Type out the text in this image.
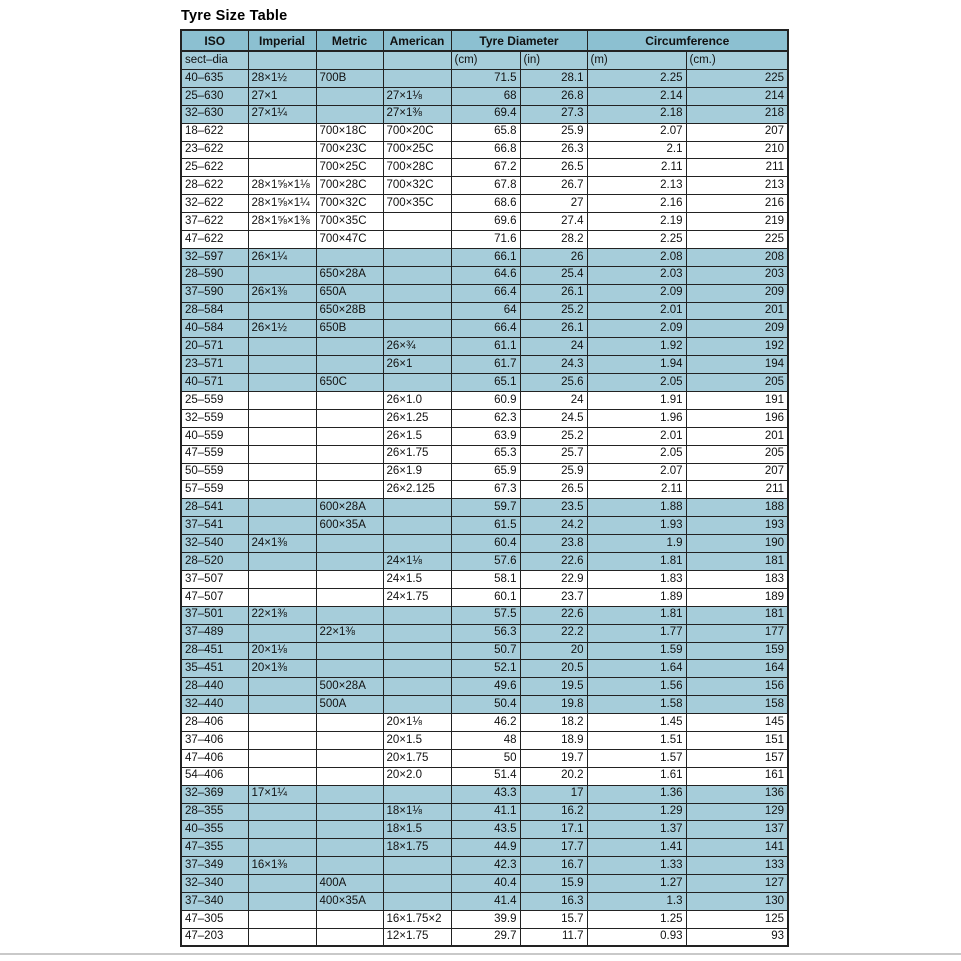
Tyre Size Table
ISO	Imperial	Metric	American	Tyre Diameter		Circumference	
sect–dia				(cm)	(in)	(m)	(cm.)
40–635	28×1½	700B		71.5	28.1	2.25	225
25–630	27×1		27×1⅛	68	26.8	2.14	214
32–630	27×1¼		27×1⅜	69.4	27.3	2.18	218
18–622		700×18C	700×20C	65.8	25.9	2.07	207
23–622		700×23C	700×25C	66.8	26.3	2.1	210
25–622		700×25C	700×28C	67.2	26.5	2.11	211
28–622	28×1⅝×1⅛	700×28C	700×32C	67.8	26.7	2.13	213
32–622	28×1⅝×1¼	700×32C	700×35C	68.6	27	2.16	216
37–622	28×1⅝×1⅜	700×35C		69.6	27.4	2.19	219
47–622		700×47C		71.6	28.2	2.25	225
32–597	26×1¼			66.1	26	2.08	208
28–590		650×28A		64.6	25.4	2.03	203
37–590	26×1⅜	650A		66.4	26.1	2.09	209
28–584		650×28B		64	25.2	2.01	201
40–584	26×1½	650B		66.4	26.1	2.09	209
20–571			26×¾	61.1	24	1.92	192
23–571			26×1	61.7	24.3	1.94	194
40–571		650C		65.1	25.6	2.05	205
25–559			26×1.0	60.9	24	1.91	191
32–559			26×1.25	62.3	24.5	1.96	196
40–559			26×1.5	63.9	25.2	2.01	201
47–559			26×1.75	65.3	25.7	2.05	205
50–559			26×1.9	65.9	25.9	2.07	207
57–559			26×2.125	67.3	26.5	2.11	211
28–541		600×28A		59.7	23.5	1.88	188
37–541		600×35A		61.5	24.2	1.93	193
32–540	24×1⅜			60.4	23.8	1.9	190
28–520			24×1⅛	57.6	22.6	1.81	181
37–507			24×1.5	58.1	22.9	1.83	183
47–507			24×1.75	60.1	23.7	1.89	189
37–501	22×1⅜			57.5	22.6	1.81	181
37–489		22×1⅜		56.3	22.2	1.77	177
28–451	20×1⅛			50.7	20	1.59	159
35–451	20×1⅜			52.1	20.5	1.64	164
28–440		500×28A		49.6	19.5	1.56	156
32–440		500A		50.4	19.8	1.58	158
28–406			20×1⅛	46.2	18.2	1.45	145
37–406			20×1.5	48	18.9	1.51	151
47–406			20×1.75	50	19.7	1.57	157
54–406			20×2.0	51.4	20.2	1.61	161
32–369	17×1¼			43.3	17	1.36	136
28–355			18×1⅛	41.1	16.2	1.29	129
40–355			18×1.5	43.5	17.1	1.37	137
47–355			18×1.75	44.9	17.7	1.41	141
37–349	16×1⅜			42.3	16.7	1.33	133
32–340		400A		40.4	15.9	1.27	127
37–340		400×35A		41.4	16.3	1.3	130
47–305			16×1.75×2	39.9	15.7	1.25	125
47–203			12×1.75	29.7	11.7	0.93	93
